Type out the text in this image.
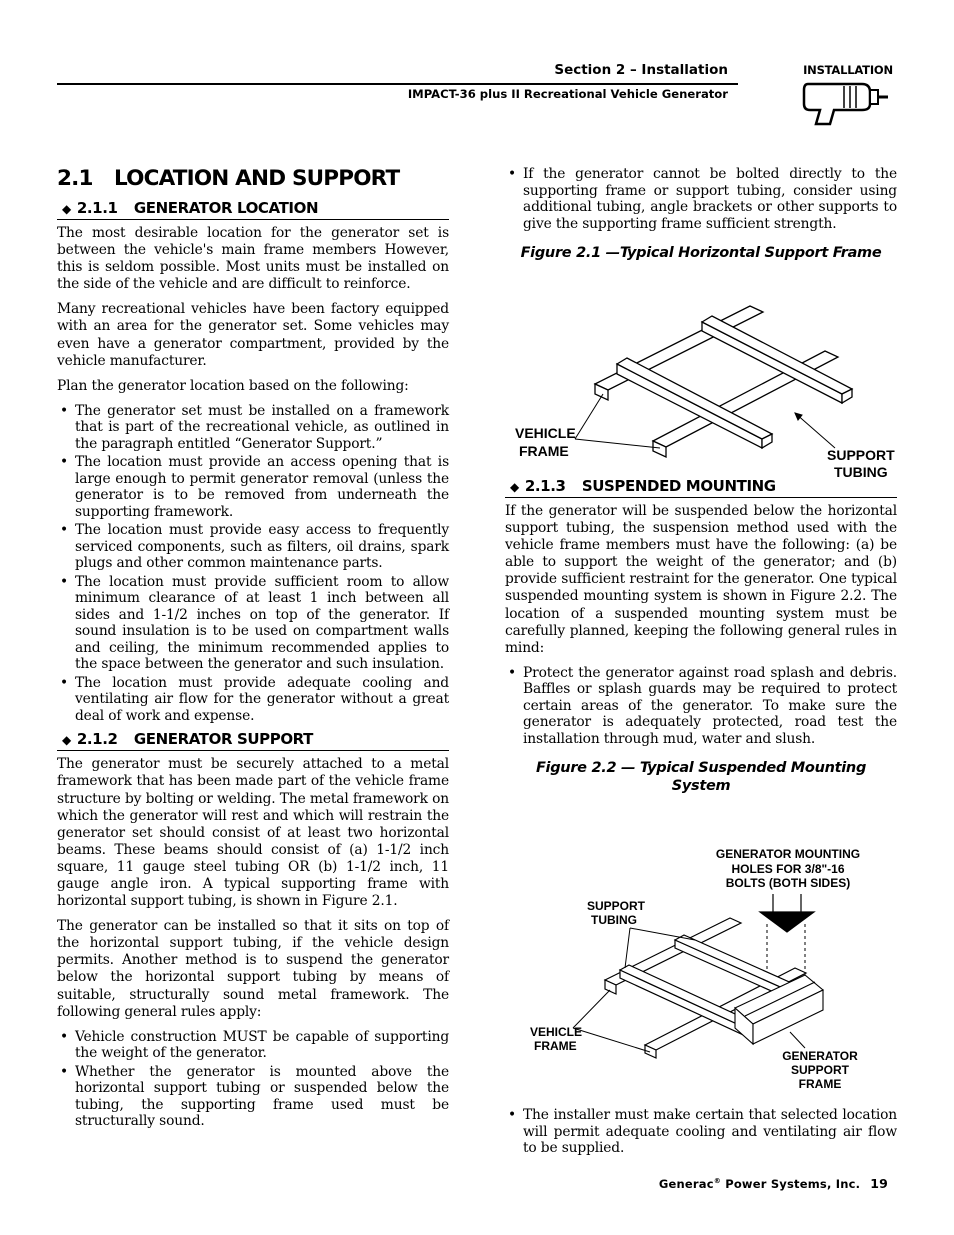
Section 2 – Installation
IMPACT-36 plus II Recreational Vehicle Generator
INSTALLATION
2.1 LOCATION AND SUPPORT
◆ 2.1.1 GENERATOR LOCATION

The most desirable location for the generator set is between the vehicle's main frame members However, this is seldom possible. Most units must be installed on the side of the vehicle and are difficult to reinforce.

Many recreational vehicles have been factory equipped with an area for the generator set. Some vehicles may even have a generator compartment, provided by the vehicle manufacturer.

Plan the generator location based on the following:

• The generator set must be installed on a framework that is part of the recreational vehicle, as outlined in the paragraph entitled “Generator Support.”
• The location must provide an access opening that is large enough to permit generator removal (unless the generator is to be removed from underneath the supporting framework.
• The location must provide easy access to frequently serviced components, such as filters, oil drains, spark plugs and other common maintenance parts.
• The location must provide sufficient room to allow minimum clearance of at least 1 inch between all sides and 1-1/2 inches on top of the generator. If sound insulation is to be used on compartment walls and ceiling, the minimum recommended applies to the space between the generator and such insulation.
• The location must provide adequate cooling and ventilating air flow for the generator without a great deal of work and expense.
◆ 2.1.2 GENERATOR SUPPORT

The generator must be securely attached to a metal framework that has been made part of the vehicle frame structure by bolting or welding. The metal framework on which the generator will rest and which will restrain the generator set should consist of at least two horizontal beams. These beams should consist of (a) 1-1/2 inch square, 11 gauge steel tubing OR (b) 1-1/2 inch, 11 gauge angle iron. A typical supporting frame with horizontal support tubing, is shown in Figure 2.1.

The generator can be installed so that it sits on top of the horizontal support tubing, if the vehicle design permits. Another method is to suspend the generator below the horizontal support tubing by means of suitable, structurally sound metal framework. The following general rules apply:

• Vehicle construction MUST be capable of supporting the weight of the generator.
• Whether the generator is mounted above the horizontal support tubing or suspended below the tubing, the supporting frame used must be structurally sound.
• If the generator cannot be bolted directly to the supporting frame or support tubing, consider using additional tubing, angle brackets or other supports to give the supporting frame sufficient strength.
Figure 2.1 —Typical Horizontal Support Frame
◆ 2.1.3 SUSPENDED MOUNTING

If the generator will be suspended below the horizontal support tubing, the suspension method used with the vehicle frame members must have the following: (a) be able to support the weight of the generator; and (b) provide sufficient restraint for the generator. One typical suspended mounting system is shown in Figure 2.2. The location of a suspended mounting system must be carefully planned, keeping the following general rules in mind:

• Protect the generator against road splash and debris. Baffles or splash guards may be required to protect certain areas of the generator. To make sure the generator is adequately protected, road test the installation through mud, water and slush.
Figure 2.2 — Typical Suspended Mounting System
VEHICLE
FRAME	SUPPORT
TUBING
GENERATOR MOUNTING
HOLES FOR 3/8"-16
BOLTS (BOTH SIDES)
SUPPORT
TUBING
VEHICLE
FRAME
GENERATOR
SUPPORT
FRAME
• The installer must make certain that selected location will permit adequate cooling and ventilating air flow to be supplied.
Generac® Power Systems, Inc. 19
